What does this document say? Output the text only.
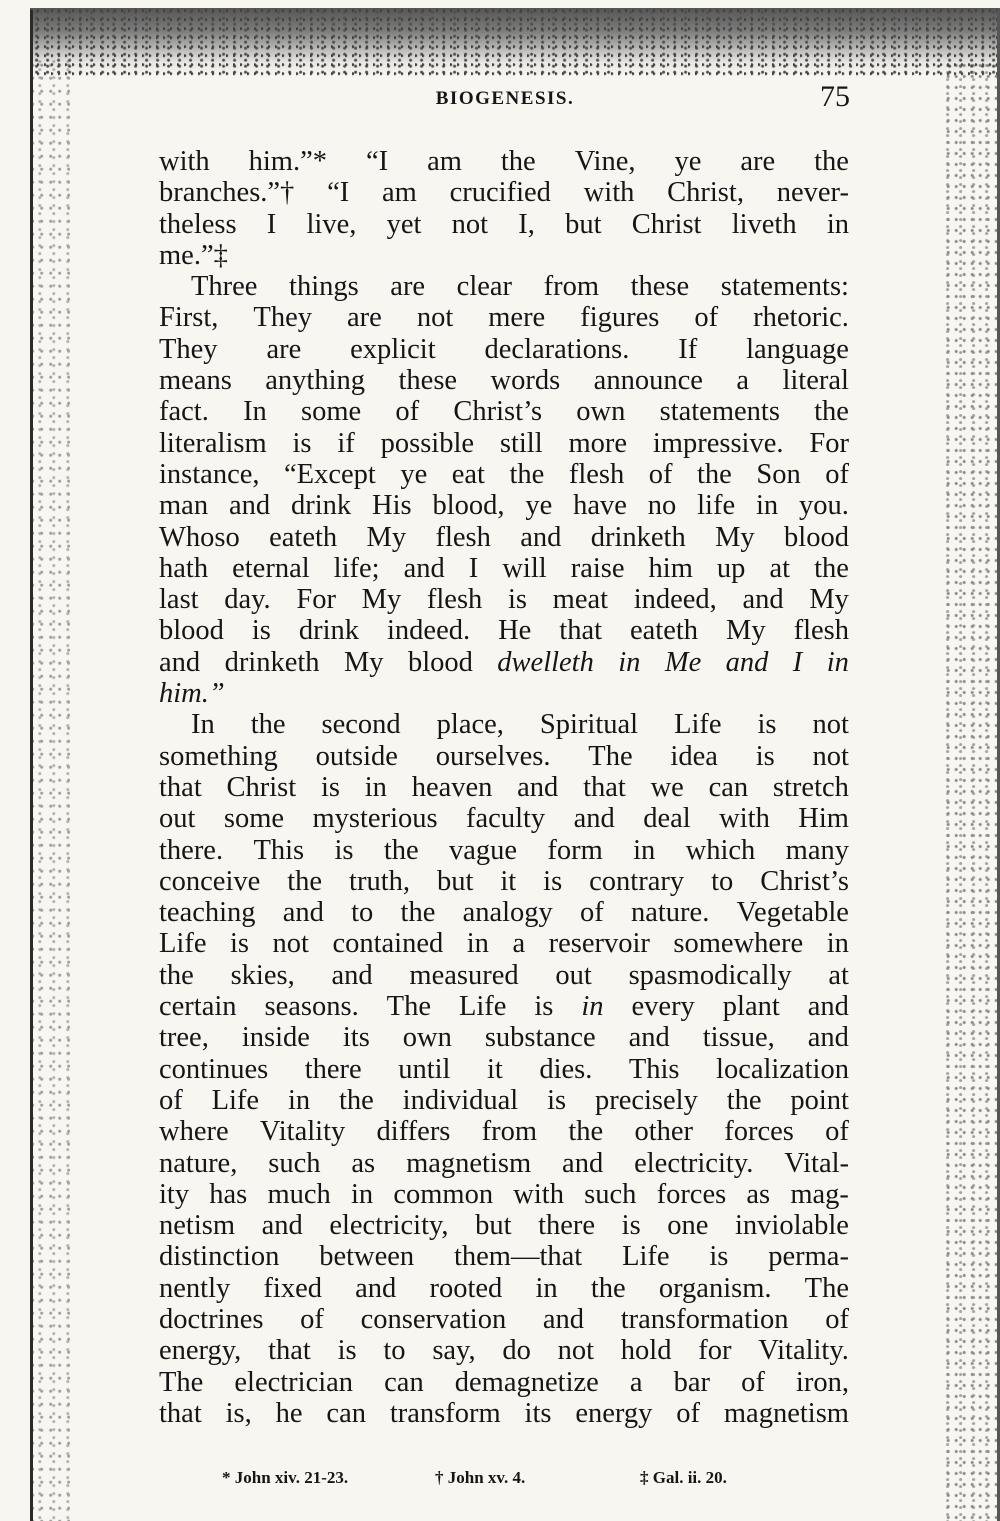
BIOGENESIS.	75
with him.”* “I am the Vine, ye are the
branches.”† “I am crucified with Christ, never-
theless I live, yet not I, but Christ liveth in
me.”‡
Three things are clear from these statements:
First, They are not mere figures of rhetoric.
They are explicit declarations. If language
means anything these words announce a literal
fact. In some of Christ’s own statements the
literalism is if possible still more impressive. For
instance, “Except ye eat the flesh of the Son of
man and drink His blood, ye have no life in you.
Whoso eateth My flesh and drinketh My blood
hath eternal life; and I will raise him up at the
last day. For My flesh is meat indeed, and My
blood is drink indeed. He that eateth My flesh
and drinketh My blood dwelleth in Me and I in
him.”
In the second place, Spiritual Life is not
something outside ourselves. The idea is not
that Christ is in heaven and that we can stretch
out some mysterious faculty and deal with Him
there. This is the vague form in which many
conceive the truth, but it is contrary to Christ’s
teaching and to the analogy of nature. Vegetable
Life is not contained in a reservoir somewhere in
the skies, and measured out spasmodically at
certain seasons. The Life is in every plant and
tree, inside its own substance and tissue, and
continues there until it dies. This localization
of Life in the individual is precisely the point
where Vitality differs from the other forces of
nature, such as magnetism and electricity. Vital-
ity has much in common with such forces as mag-
netism and electricity, but there is one inviolable
distinction between them—that Life is perma-
nently fixed and rooted in the organism. The
doctrines of conservation and transformation of
energy, that is to say, do not hold for Vitality.
The electrician can demagnetize a bar of iron,
that is, he can transform its energy of magnetism
* John xiv. 21-23.	† John xv. 4.	‡ Gal. ii. 20.
